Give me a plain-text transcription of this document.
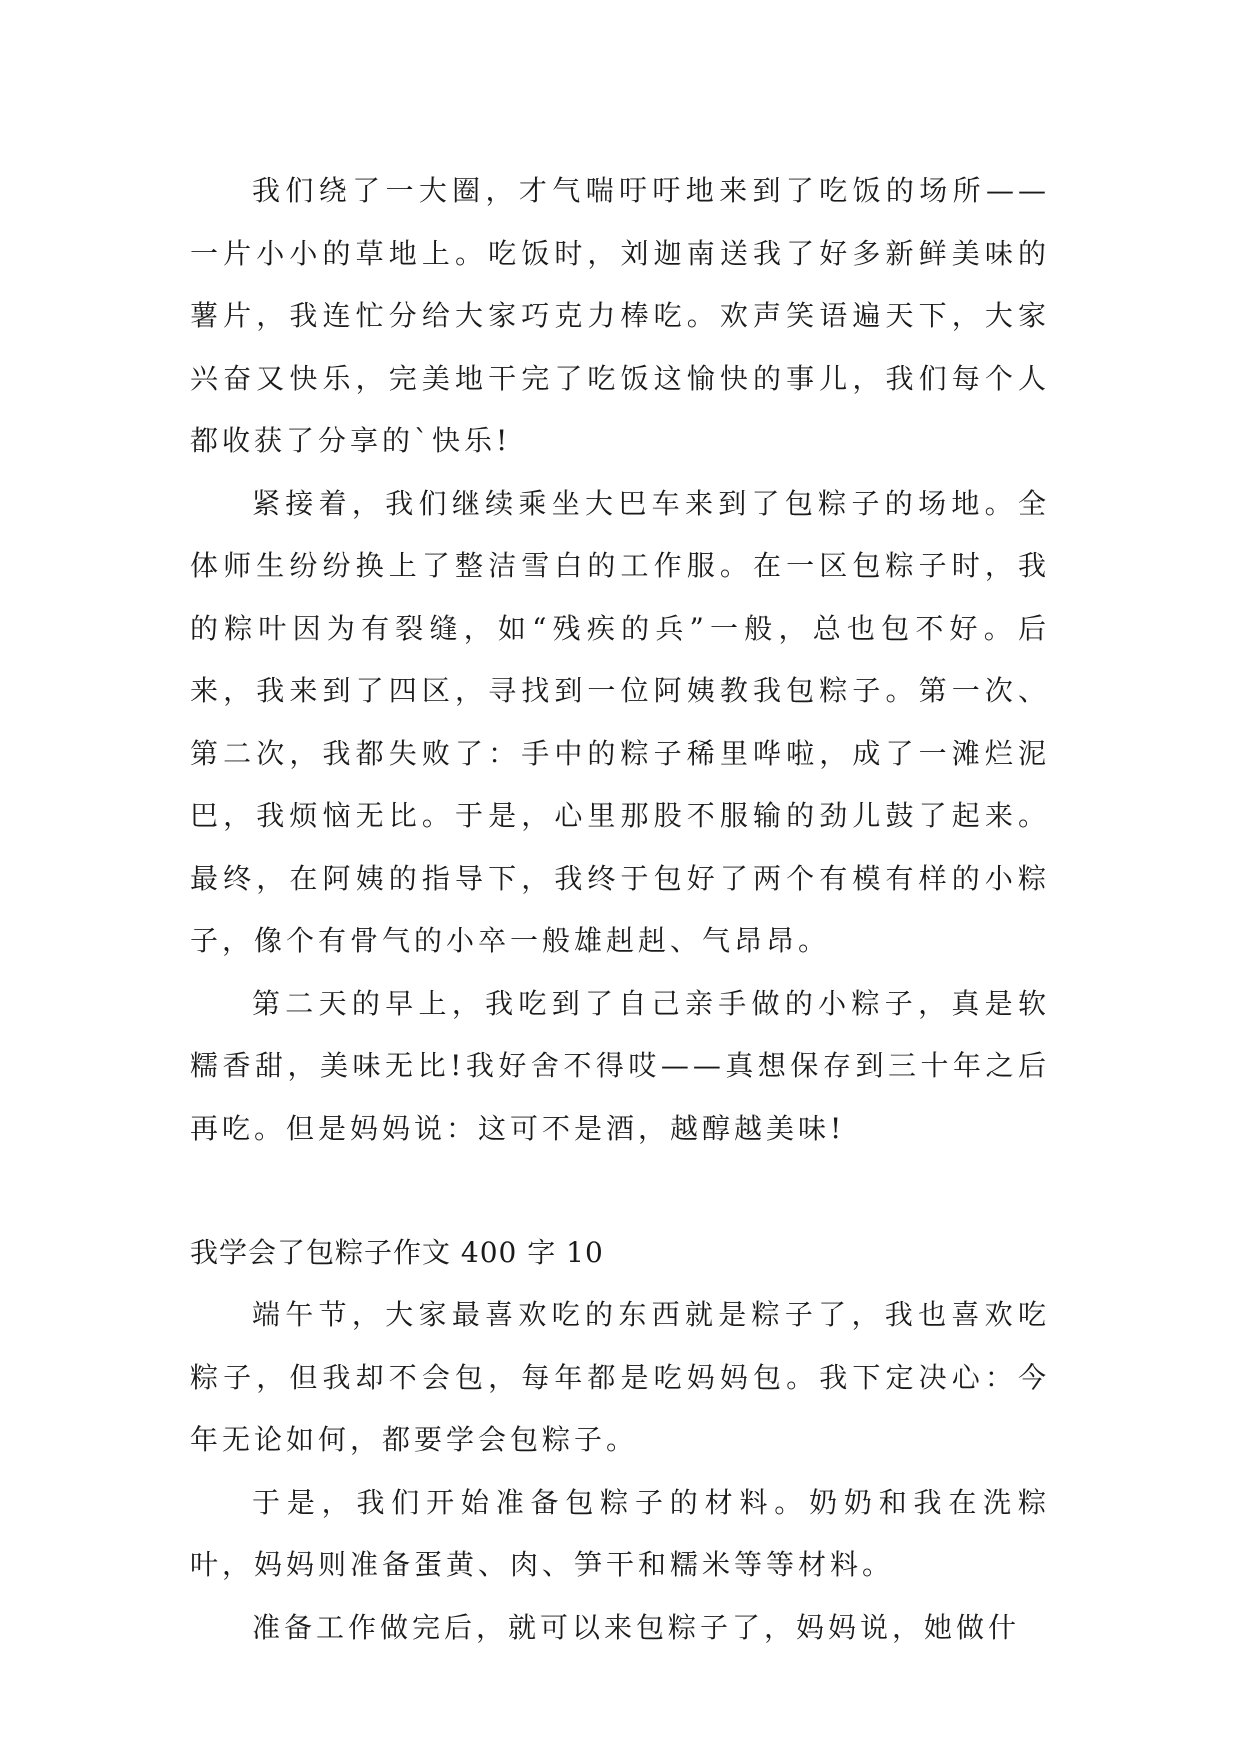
我们绕了一大圈，才气喘吁吁地来到了吃饭的场所——一片小小的草地上。吃饭时，刘迦南送我了好多新鲜美味的薯片，我连忙分给大家巧克力棒吃。欢声笑语遍天下，大家兴奋又快乐，完美地干完了吃饭这愉快的事儿，我们每个人都收获了分享的`快乐!

紧接着，我们继续乘坐大巴车来到了包粽子的场地。全体师生纷纷换上了整洁雪白的工作服。在一区包粽子时，我的粽叶因为有裂缝，如“残疾的兵”一般，总也包不好。后来，我来到了四区，寻找到一位阿姨教我包粽子。第一次、第二次，我都失败了：手中的粽子稀里哗啦，成了一滩烂泥巴，我烦恼无比。于是，心里那股不服输的劲儿鼓了起来。最终，在阿姨的指导下，我终于包好了两个有模有样的小粽子，像个有骨气的小卒一般雄赳赳、气昂昂。

第二天的早上，我吃到了自己亲手做的小粽子，真是软糯香甜，美味无比!我好舍不得哎——真想保存到三十年之后再吃。但是妈妈说：这可不是酒，越醇越美味!

我学会了包粽子作文 400 字 10

端午节，大家最喜欢吃的东西就是粽子了，我也喜欢吃粽子，但我却不会包，每年都是吃妈妈包。我下定决心：今年无论如何，都要学会包粽子。

于是，我们开始准备包粽子的材料。奶奶和我在洗粽叶，妈妈则准备蛋黄、肉、笋干和糯米等等材料。

准备工作做完后，就可以来包粽子了，妈妈说，她做什
